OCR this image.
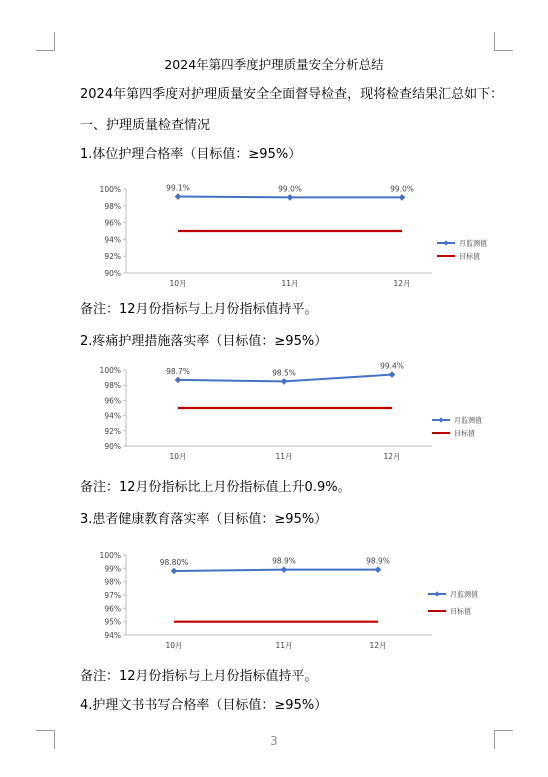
2024年第四季度护理质量安全分析总结
2024年第四季度对护理质量安全全面督导检查，现将检查结果汇总如下：
一、护理质量检查情况
1.体位护理合格率（目标值：≥95%）
100%
98%
96%
94%
92%
90%
10月	11月	12月
99.1%	99.0%	99.0%
月监测值
目标值
备注：12月份指标与上月份指标值持平。
2.疼痛护理措施落实率（目标值：≥95%）
100%
98%
96%
94%
92%
90%
10月	11月	12月
98.7%	98.5%
99.4%
月监测值
目标值
备注：12月份指标比上月份指标值上升0.9%。
3.患者健康教育落实率（目标值：≥95%）
100%
99%
98%
97%
96%
95%
94%
10月	11月	12月
98.80%	98.9%	98.9%
月监测值
目标值
备注：12月份指标与上月份指标值持平。
4.护理文书书写合格率（目标值：≥95%）
3
